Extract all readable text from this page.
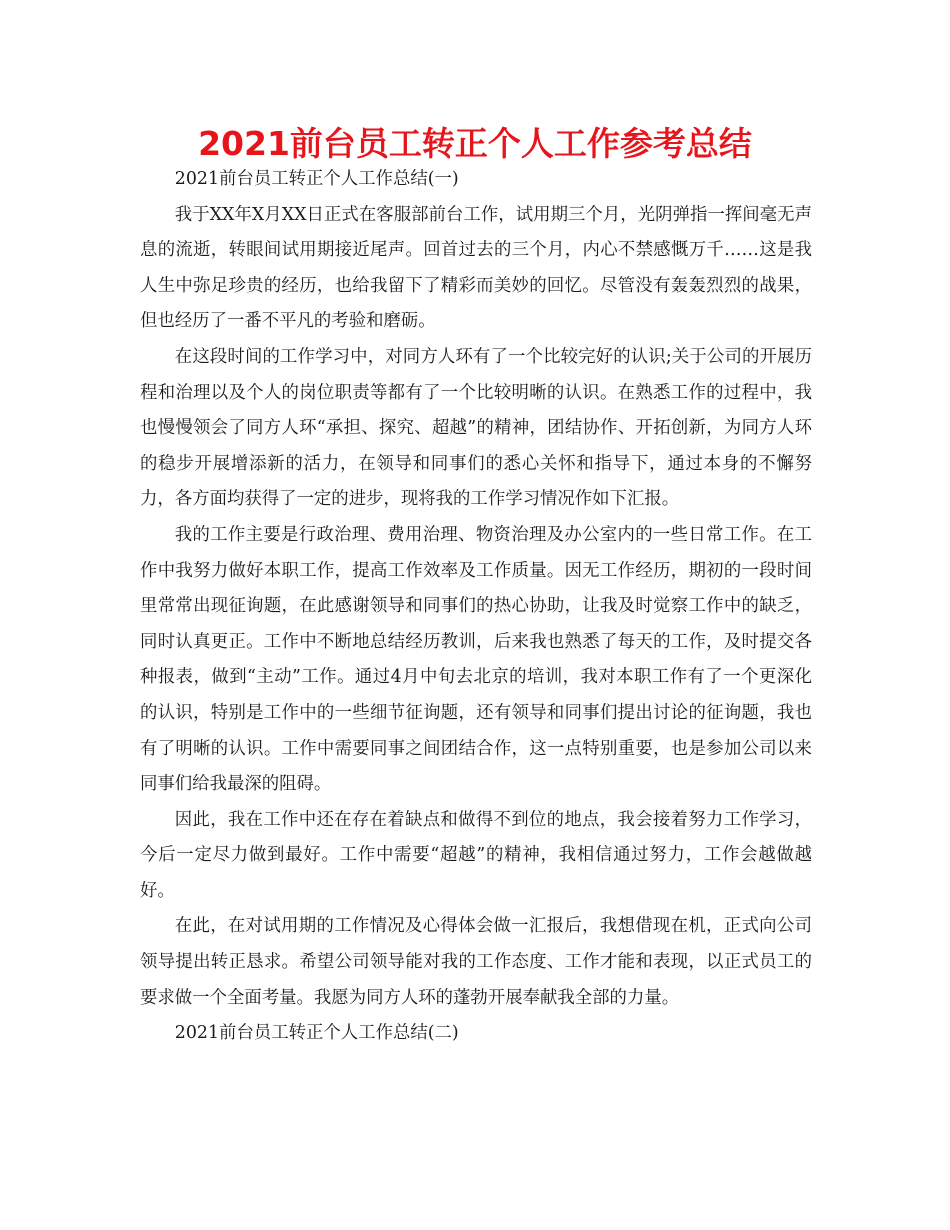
2021前台员工转正个人工作参考总结

2021前台员工转正个人工作总结(一)

我于XX年X月XX日正式在客服部前台工作，试用期三个月，光阴弹指一挥间毫无声息的流逝，转眼间试用期接近尾声。回首过去的三个月，内心不禁感慨万千……这是我人生中弥足珍贵的经历，也给我留下了精彩而美妙的回忆。尽管没有轰轰烈烈的战果，但也经历了一番不平凡的考验和磨砺。

在这段时间的工作学习中，对同方人环有了一个比较完好的认识;关于公司的开展历程和治理以及个人的岗位职责等都有了一个比较明晰的认识。在熟悉工作的过程中，我也慢慢领会了同方人环“承担、探究、超越”的精神，团结协作、开拓创新，为同方人环的稳步开展增添新的活力，在领导和同事们的悉心关怀和指导下，通过本身的不懈努力，各方面均获得了一定的进步，现将我的工作学习情况作如下汇报。

我的工作主要是行政治理、费用治理、物资治理及办公室内的一些日常工作。在工作中我努力做好本职工作，提高工作效率及工作质量。因无工作经历，期初的一段时间里常常出现征询题，在此感谢领导和同事们的热心协助，让我及时觉察工作中的缺乏，同时认真更正。工作中不断地总结经历教训，后来我也熟悉了每天的工作，及时提交各种报表，做到“主动”工作。通过4月中旬去北京的培训，我对本职工作有了一个更深化的认识，特别是工作中的一些细节征询题，还有领导和同事们提出讨论的征询题，我也有了明晰的认识。工作中需要同事之间团结合作，这一点特别重要，也是参加公司以来同事们给我最深的阻碍。

因此，我在工作中还在存在着缺点和做得不到位的地点，我会接着努力工作学习，今后一定尽力做到最好。工作中需要“超越”的精神，我相信通过努力，工作会越做越好。

在此，在对试用期的工作情况及心得体会做一汇报后，我想借现在机，正式向公司领导提出转正恳求。希望公司领导能对我的工作态度、工作才能和表现，以正式员工的要求做一个全面考量。我愿为同方人环的蓬勃开展奉献我全部的力量。

2021前台员工转正个人工作总结(二)
